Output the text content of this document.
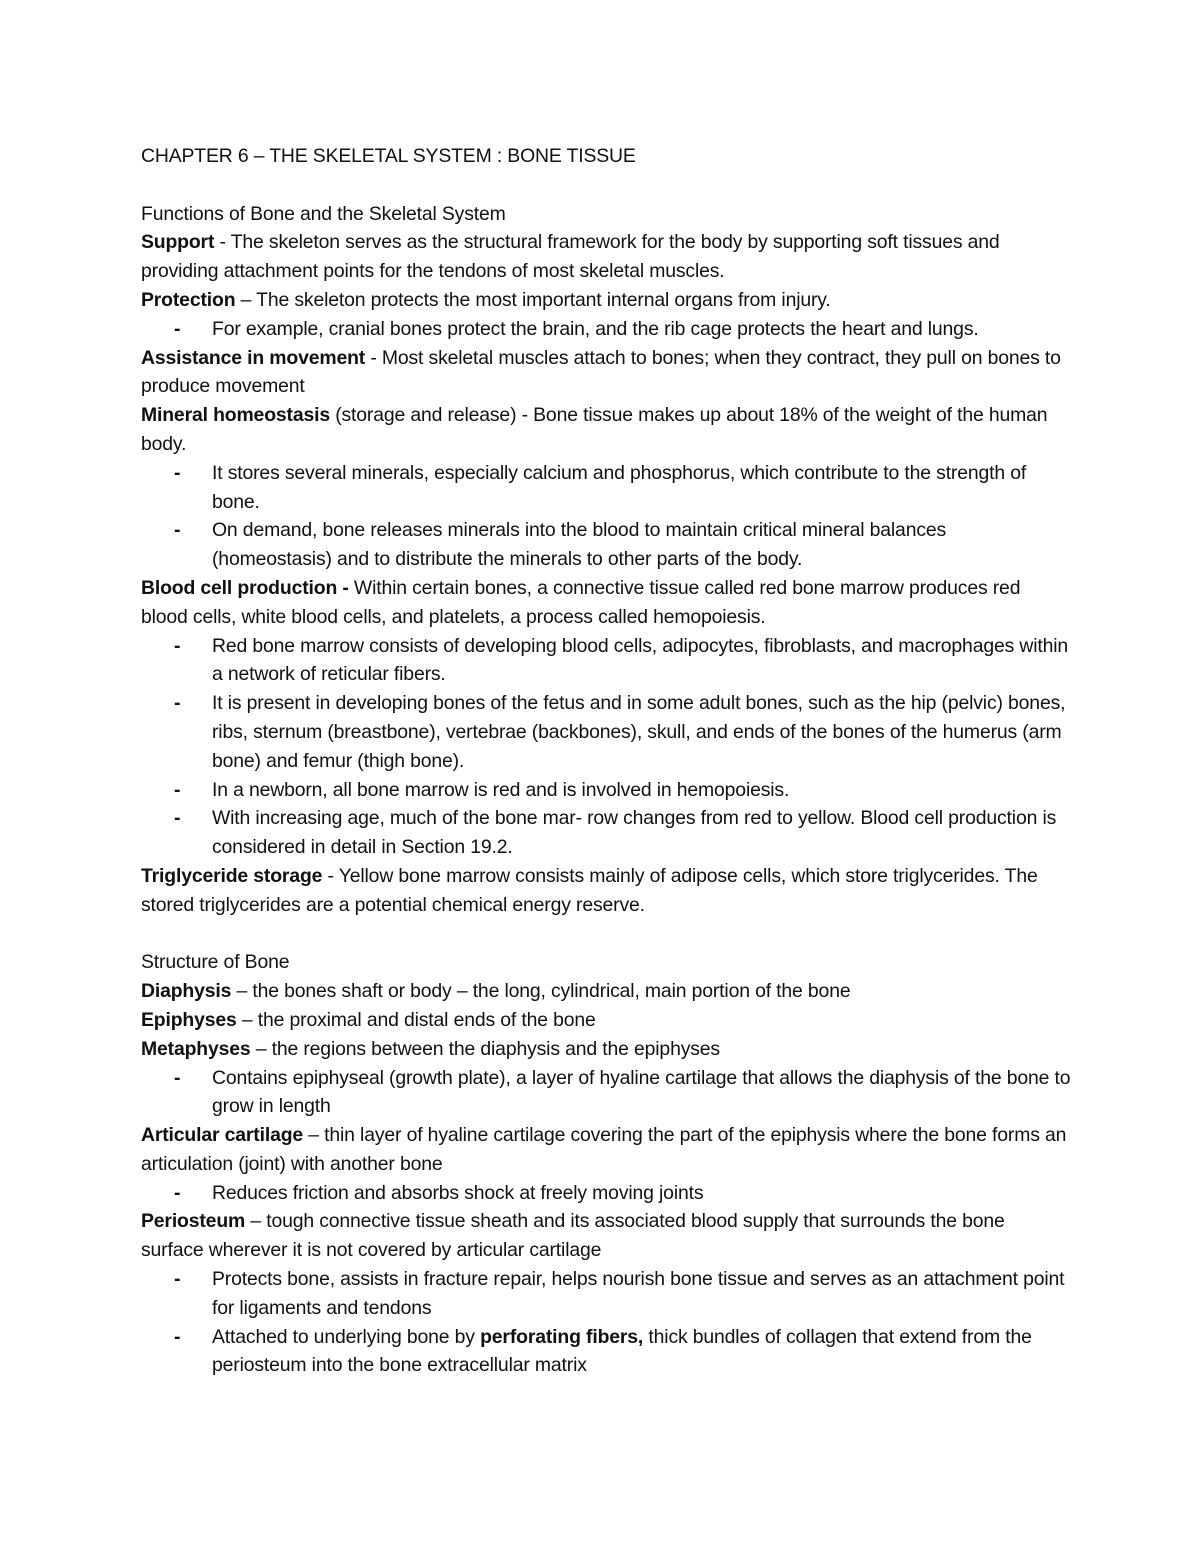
CHAPTER 6 – THE SKELETAL SYSTEM : BONE TISSUE

Functions of Bone and the Skeletal System

Support - The skeleton serves as the structural framework for the body by supporting soft tissues and providing attachment points for the tendons of most skeletal muscles.

Protection – The skeleton protects the most important internal organs from injury.

- For example, cranial bones protect the brain, and the rib cage protects the heart and lungs.

Assistance in movement - Most skeletal muscles attach to bones; when they contract, they pull on bones to produce movement

Mineral homeostasis (storage and release) - Bone tissue makes up about 18% of the weight of the human body.

- It stores several minerals, especially calcium and phosphorus, which contribute to the strength of bone.

- On demand, bone releases minerals into the blood to maintain critical mineral balances (homeostasis) and to distribute the minerals to other parts of the body.

Blood cell production - Within certain bones, a connective tissue called red bone marrow produces red blood cells, white blood cells, and platelets, a process called hemopoiesis.

- Red bone marrow consists of developing blood cells, adipocytes, fibroblasts, and macrophages within a network of reticular fibers.

- It is present in developing bones of the fetus and in some adult bones, such as the hip (pelvic) bones, ribs, sternum (breastbone), vertebrae (backbones), skull, and ends of the bones of the humerus (arm bone) and femur (thigh bone).

- In a newborn, all bone marrow is red and is involved in hemopoiesis.

- With increasing age, much of the bone mar- row changes from red to yellow. Blood cell production is considered in detail in Section 19.2.

Triglyceride storage - Yellow bone marrow consists mainly of adipose cells, which store triglycerides. The stored triglycerides are a potential chemical energy reserve.

Structure of Bone

Diaphysis – the bones shaft or body – the long, cylindrical, main portion of the bone

Epiphyses – the proximal and distal ends of the bone

Metaphyses – the regions between the diaphysis and the epiphyses

- Contains epiphyseal (growth plate), a layer of hyaline cartilage that allows the diaphysis of the bone to grow in length

Articular cartilage – thin layer of hyaline cartilage covering the part of the epiphysis where the bone forms an articulation (joint) with another bone

- Reduces friction and absorbs shock at freely moving joints

Periosteum – tough connective tissue sheath and its associated blood supply that surrounds the bone surface wherever it is not covered by articular cartilage

- Protects bone, assists in fracture repair, helps nourish bone tissue and serves as an attachment point for ligaments and tendons

- Attached to underlying bone by perforating fibers, thick bundles of collagen that extend from the periosteum into the bone extracellular matrix
